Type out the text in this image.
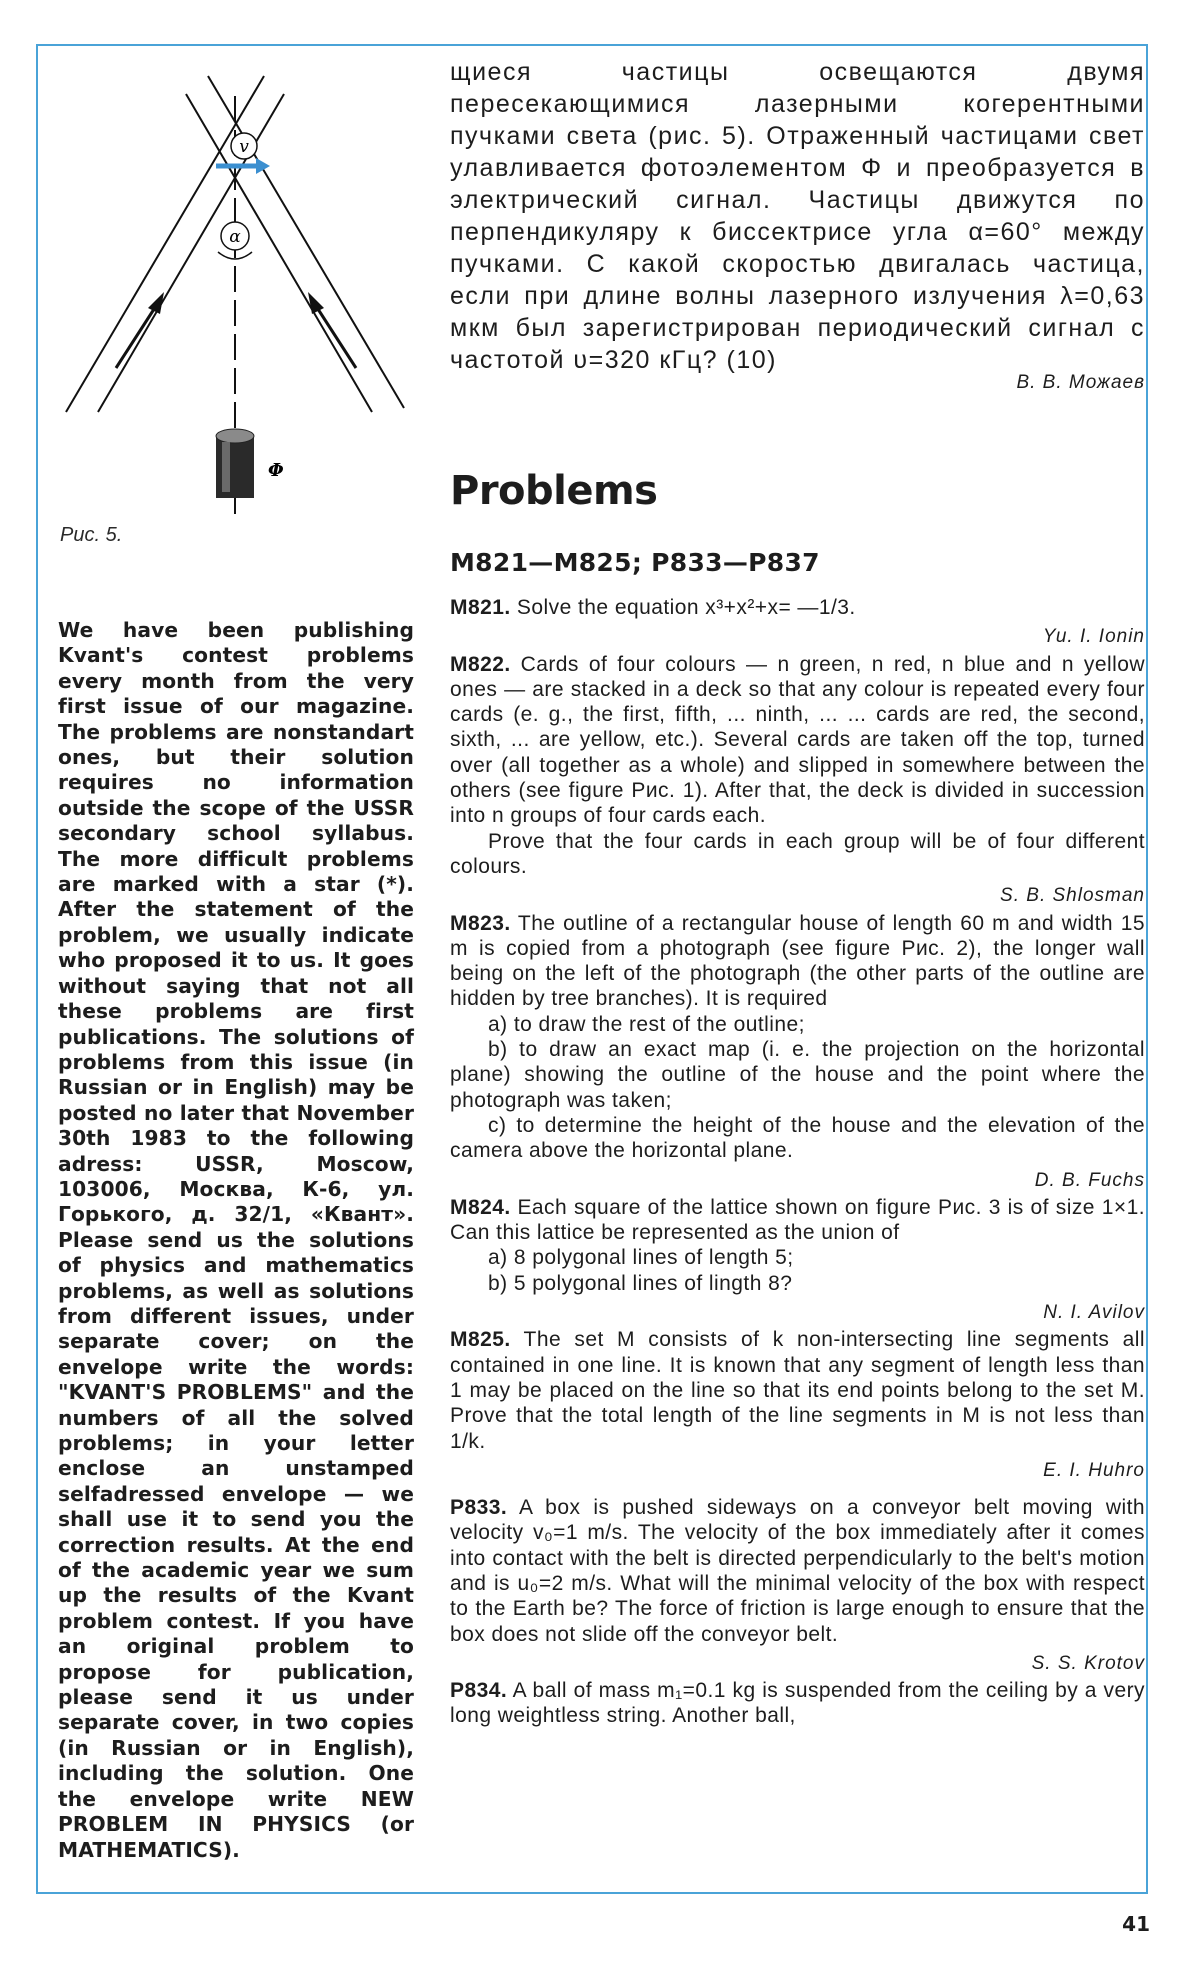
v
α
Φ
Рис. 5.
We have been publishing Kvant's contest problems every month from the very first issue of our magazine. The problems are nonstandart ones, but their solution requires no information outside the scope of the USSR secondary school syllabus. The more difficult problems are marked with a star (*). After the statement of the problem, we usually indicate who proposed it to us. It goes without saying that not all these problems are first publications. The solutions of problems from this issue (in Russian or in English) may be posted no later that November 30th 1983 to the following adress: USSR, Moscow, 103006, Москва, К-6, ул. Горького, д. 32/1, «Квант». Please send us the solutions of physics and mathematics problems, as well as solutions from different issues, under separate cover; on the envelope write the words: "KVANT'S PROBLEMS" and the numbers of all the solved problems; in your letter enclose an unstamped selfadressed envelope — we shall use it to send you the correction results. At the end of the academic year we sum up the results of the Kvant problem contest. If you have an original problem to propose for publication, please send it us under separate cover, in two copies (in Russian or in English), including the solution. One the envelope write NEW PROBLEM IN PHYSICS (or MATHEMATICS).
щиеся частицы освещаются двумя пересекающимися лазерными когерентными пучками света (рис. 5). Отраженный частицами свет улавливается фотоэлементом Φ и преобразуется в электрический сигнал. Частицы движутся по перпендикуляру к биссектрисе угла α=60° между пучками. С какой скоростью двигалась частица, если при длине волны лазерного излучения λ=0,63 мкм был зарегистрирован периодический сигнал с частотой υ=320 кГц? (10)
В. В. Можаев
Problems
M821—M825; P833—P837

M821. Solve the equation x³+x²+x= —1/3.

Yu. I. Ionin

M822. Cards of four colours — n green, n red, n blue and n yellow ones — are stacked in a deck so that any colour is repeated every four cards (e. g., the first, fifth, ... ninth, ... ... cards are red, the second, sixth, ... are yellow, etc.). Several cards are taken off the top, turned over (all together as a whole) and slipped in somewhere between the others (see figure Рис. 1). After that, the deck is divided in succession into n groups of four cards each.

Prove that the four cards in each group will be of four different colours.

S. B. Shlosman

M823. The outline of a rectangular house of length 60 m and width 15 m is copied from a photograph (see figure Рис. 2), the longer wall being on the left of the photograph (the other parts of the outline are hidden by tree branches). It is required

a) to draw the rest of the outline;

b) to draw an exact map (i. e. the projection on the horizontal plane) showing the outline of the house and the point where the photograph was taken;

c) to determine the height of the house and the elevation of the camera above the horizontal plane.

D. B. Fuchs

M824. Each square of the lattice shown on figure Рис. 3 is of size 1×1. Can this lattice be represented as the union of

a) 8 polygonal lines of length 5;

b) 5 polygonal lines of lingth 8?

N. I. Avilov

M825. The set M consists of k non-intersecting line segments all contained in one line. It is known that any segment of length less than 1 may be placed on the line so that its end points belong to the set M. Prove that the total length of the line segments in M is not less than 1/k.

E. I. Huhro

P833. A box is pushed sideways on a conveyor belt moving with velocity v₀=1 m/s. The velocity of the box immediately after it comes into contact with the belt is directed perpendicularly to the belt's motion and is u₀=2 m/s. What will the minimal velocity of the box with respect to the Earth be? The force of friction is large enough to ensure that the box does not slide off the conveyor belt.

S. S. Krotov

P834. A ball of mass m₁=0.1 kg is suspended from the ceiling by a very long weightless string. Another ball,

41
